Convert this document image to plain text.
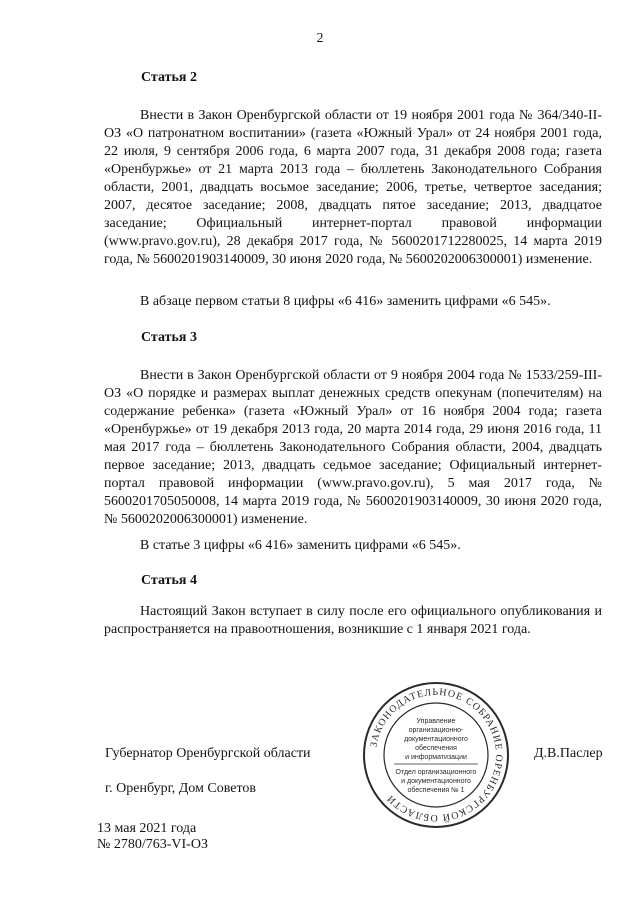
2
Статья 2
Внести в Закон Оренбургской области от 19 ноября 2001 года № 364/340-II-ОЗ «О патронатном воспитании» (газета «Южный Урал» от 24 ноября 2001 года, 22 июля, 9 сентября 2006 года, 6 марта 2007 года, 31 декабря 2008 года; газета «Оренбуржье» от 21 марта 2013 года – бюллетень Законодательного Собрания области, 2001, двадцать восьмое заседание; 2006, третье, четвертое заседания; 2007, десятое заседание; 2008, двадцать пятое заседание; 2013, двадцатое заседание; Официальный интернет-портал правовой информации (www.pravo.gov.ru), 28 декабря 2017 года, № 5600201712280025, 14 марта 2019 года, № 5600201903140009, 30 июня 2020 года, № 5600202006300001) изменение.
В абзаце первом статьи 8 цифры «6 416» заменить цифрами «6 545».
Статья 3
Внести в Закон Оренбургской области от 9 ноября 2004 года № 1533/259-III-ОЗ «О порядке и размерах выплат денежных средств опекунам (попечителям) на содержание ребенка» (газета «Южный Урал» от 16 ноября 2004 года; газета «Оренбуржье» от 19 декабря 2013 года, 20 марта 2014 года, 29 июня 2016 года, 11 мая 2017 года – бюллетень Законодательного Собрания области, 2004, двадцать первое заседание; 2013, двадцать седьмое заседание; Официальный интернет-портал правовой информации (www.pravo.gov.ru), 5 мая 2017 года, № 5600201705050008, 14 марта 2019 года, № 5600201903140009, 30 июня 2020 года, № 5600202006300001) изменение.
В статье 3 цифры «6 416» заменить цифрами «6 545».
Статья 4
Настоящий Закон вступает в силу после его официального опубликования и распространяется на правоотношения, возникшие с 1 января 2021 года.
ЗАКОНОДАТЕЛЬНОЕ СОБРАНИЕ ОРЕНБУРГСКОЙ ОБЛАСТИ
Управление
организационно-
документационного
обеспечения
и информатизации
Отдел организационного
и документационного
обеспечения № 1
Губернатор Оренбургской области	Д.В.Паслер
г. Оренбург, Дом Советов
13 мая 2021 года
№ 2780/763-VI-ОЗ
